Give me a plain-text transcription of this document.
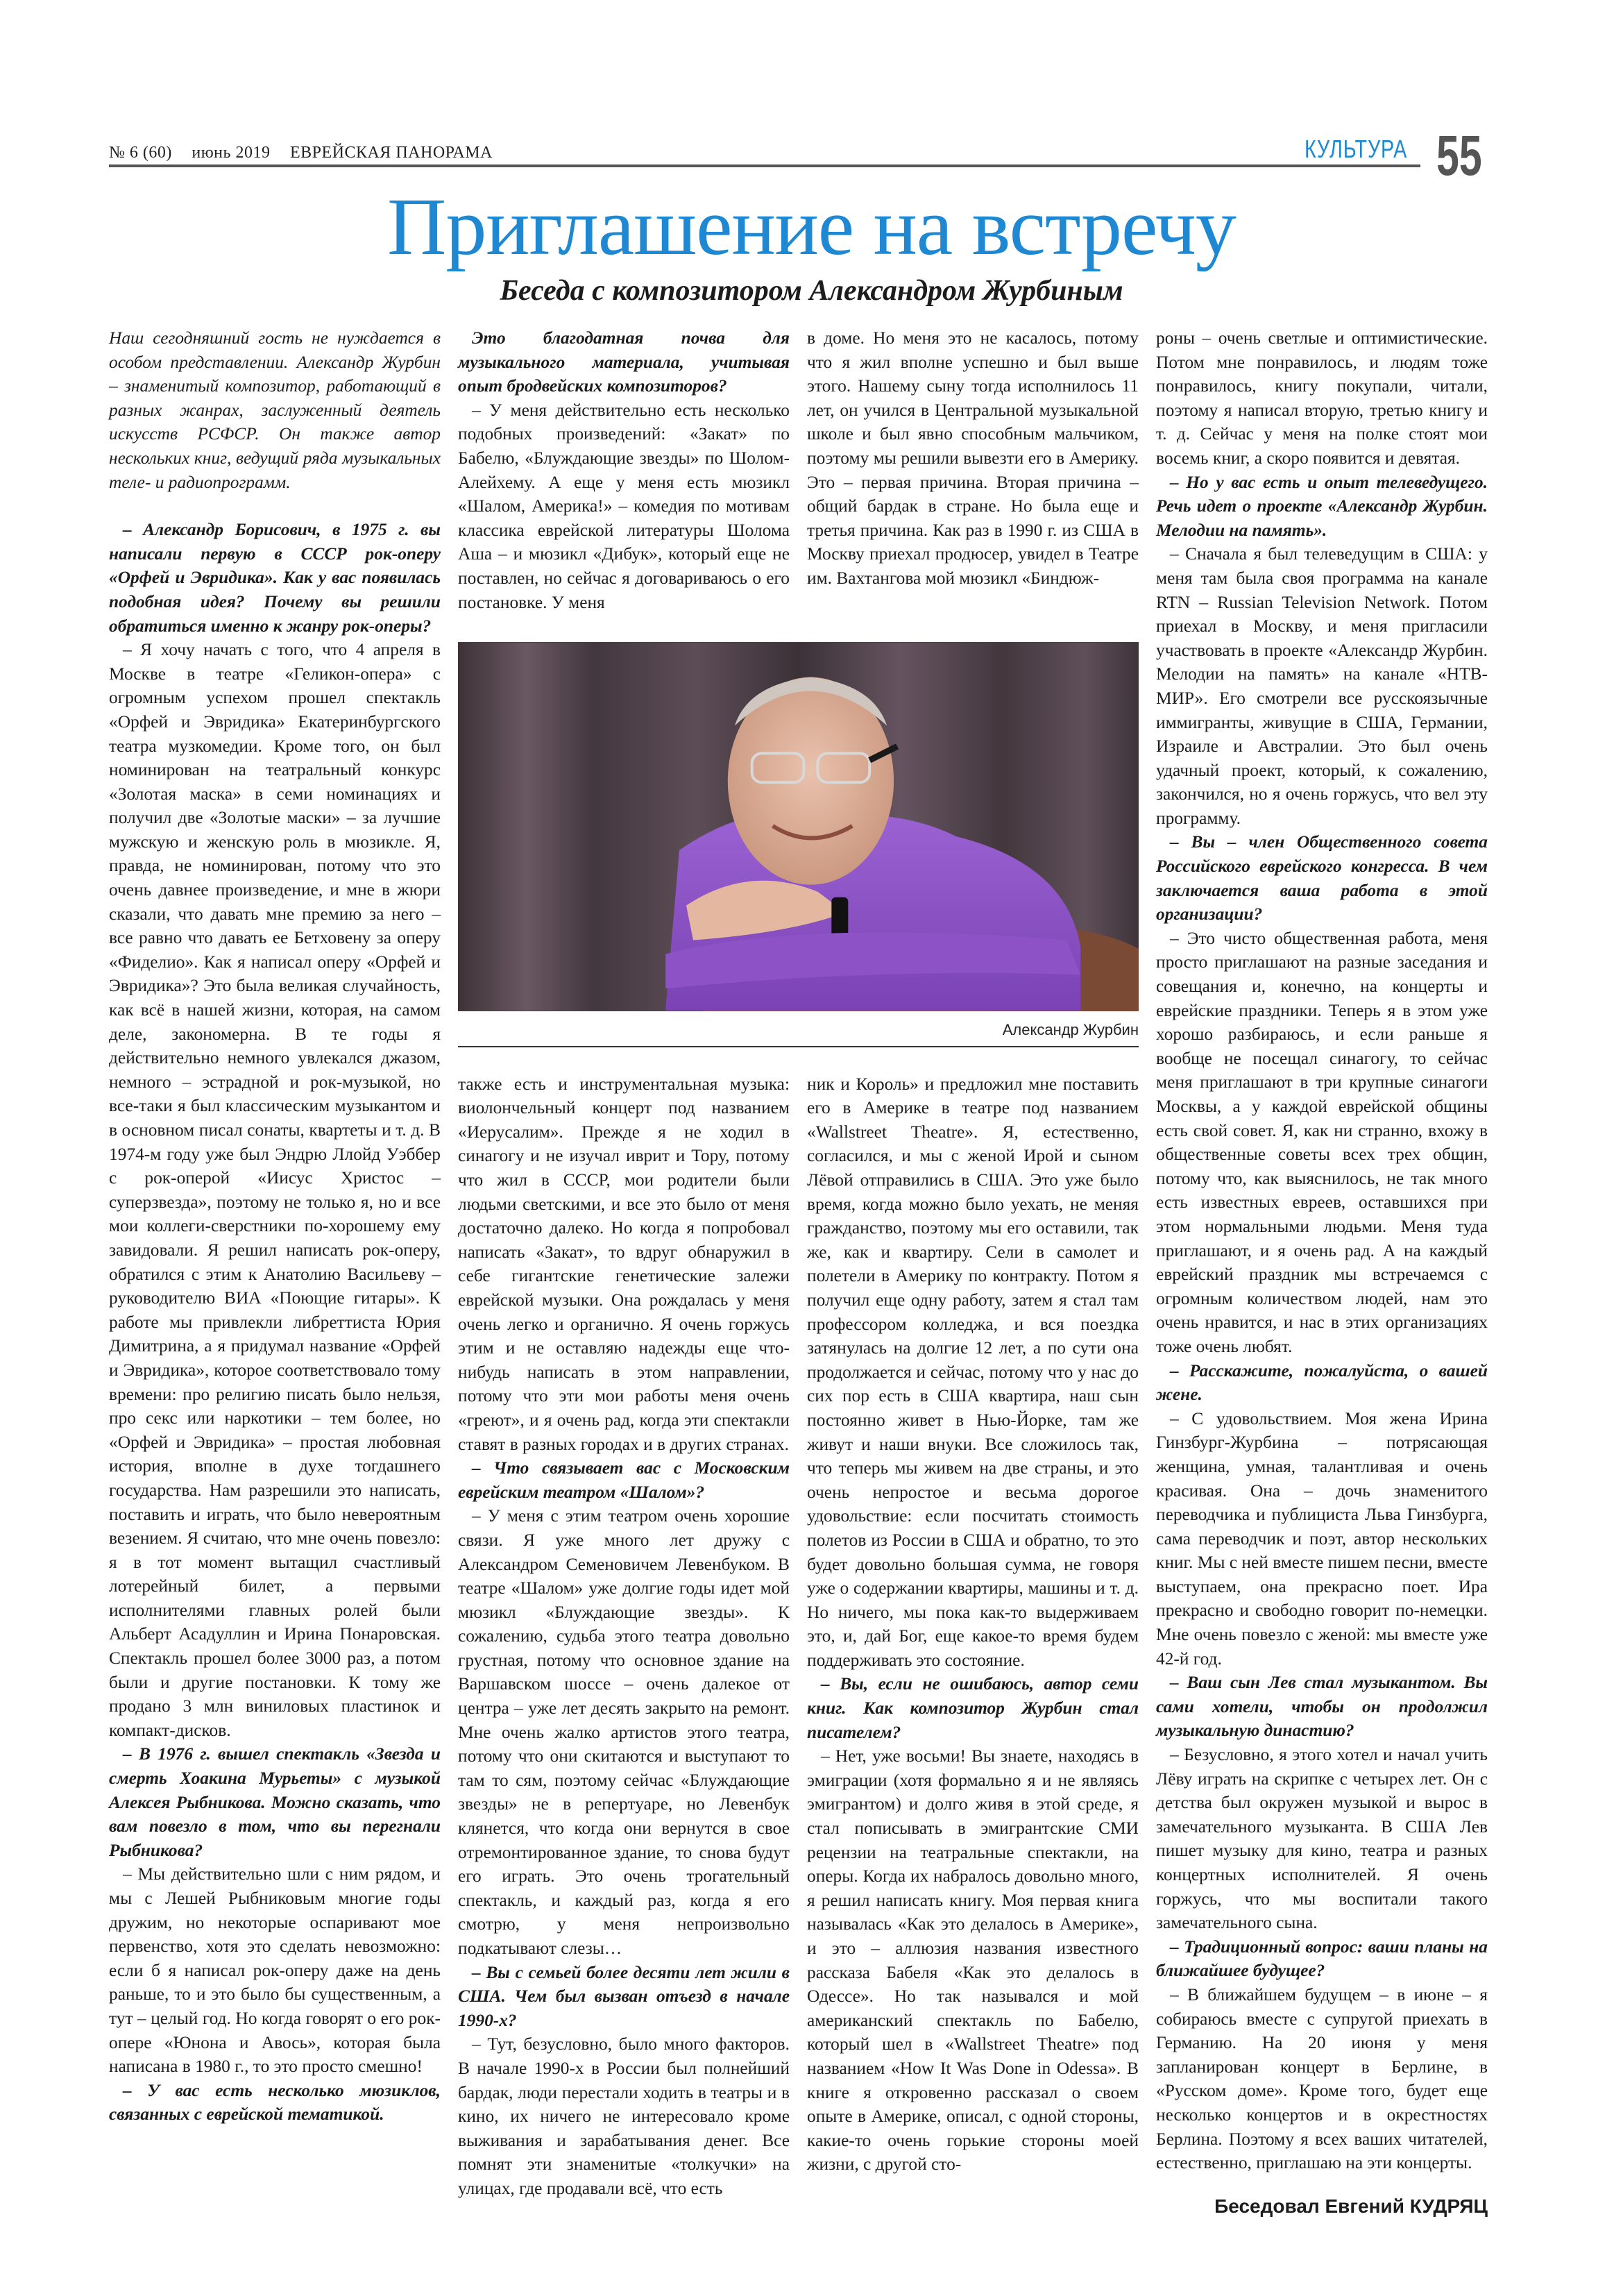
№ 6 (60) июнь 2019 ЕВРЕЙСКАЯ ПАНОРАМА	КУЛЬТУРА 55
Приглашение на встречу
Беседа с композитором Александром Журбиным

Наш сегодняшний гость не нуждается в особом представлении. Александр Журбин – знаменитый композитор, работающий в разных жанрах, заслуженный деятель искусств РСФСР. Он также автор нескольких книг, ведущий ряда музыкальных теле- и радиопрограмм.

– Александр Борисович, в 1975 г. вы написали первую в СССР рок-оперу «Орфей и Эвридика». Как у вас появилась подобная идея? Почему вы решили обратиться именно к жанру рок-оперы?

– Я хочу начать с того, что 4 апреля в Москве в театре «Геликон-опера» с огромным успехом прошел спектакль «Орфей и Эвридика» Екатеринбургского театра музкомедии. Кроме того, он был номинирован на театральный конкурс «Золотая маска» в семи номинациях и получил две «Золотые маски» – за лучшие мужскую и женскую роль в мюзикле. Я, правда, не номинирован, потому что это очень давнее произведение, и мне в жюри сказали, что давать мне премию за него – все равно что давать ее Бетховену за оперу «Фиделио». Как я написал оперу «Орфей и Эвридика»? Это была великая случайность, как всё в нашей жизни, которая, на самом деле, закономерна. В те годы я действительно немного увлекался джазом, немного – эстрадной и рок-музыкой, но все-таки я был классическим музыкантом и в основном писал сонаты, квартеты и т. д. В 1974-м году уже был Эндрю Ллойд Уэббер с рок-оперой «Иисус Христос – суперзвезда», поэтому не только я, но и все мои коллеги-сверстники по-хорошему ему завидовали. Я решил написать рок-оперу, обратился с этим к Анатолию Васильеву – руководителю ВИА «Поющие гитары». К работе мы привлекли либреттиста Юрия Димитрина, а я придумал название «Орфей и Эвридика», которое соответствовало тому времени: про религию писать было нельзя, про секс или наркотики – тем более, но «Орфей и Эвридика» – простая любовная история, вполне в духе тогдашнего государства. Нам разрешили это написать, поставить и играть, что было невероятным везением. Я считаю, что мне очень повезло: я в тот момент вытащил счастливый лотерейный билет, а первыми исполнителями главных ролей были Альберт Асадуллин и Ирина Понаровская. Спектакль прошел более 3000 раз, а потом были и другие постановки. К тому же продано 3 млн виниловых пластинок и компакт-дисков.

– В 1976 г. вышел спектакль «Звезда и смерть Хоакина Мурьеты» с музыкой Алексея Рыбникова. Можно сказать, что вам повезло в том, что вы перегнали Рыбникова?

– Мы действительно шли с ним рядом, и мы с Лешей Рыбниковым многие годы дружим, но некоторые оспаривают мое первенство, хотя это сделать невозможно: если б я написал рок-оперу даже на день раньше, то и это было бы существенным, а тут – целый год. Но когда говорят о его рок-опере «Юнона и Авось», которая была написана в 1980 г., то это просто смешно!

– У вас есть несколько мюзиклов, связанных с еврейской тематикой.

Это благодатная почва для музыкального материала, учитывая опыт бродвейских композиторов?

– У меня действительно есть несколько подобных произведений: «Закат» по Бабелю, «Блуждающие звезды» по Шолом-Алейхему. А еще у меня есть мюзикл «Шалом, Америка!» – комедия по мотивам классика еврейской литературы Шолома Аша – и мюзикл «Дибук», который еще не поставлен, но сейчас я договариваюсь о его постановке. У меня

в доме. Но меня это не касалось, потому что я жил вполне успешно и был выше этого. Нашему сыну тогда исполнилось 11 лет, он учился в Центральной музыкальной школе и был явно способным мальчиком, поэтому мы решили вывезти его в Америку. Это – первая причина. Вторая причина – общий бардак в стране. Но была еще и третья причина. Как раз в 1990 г. из США в Москву приехал продюсер, увидел в Театре им. Вахтангова мой мюзикл «Биндюж-

Александр Журбин

также есть и инструментальная музыка: виолончельный концерт под названием «Иерусалим». Прежде я не ходил в синагогу и не изучал иврит и Тору, потому что жил в СССР, мои родители были людьми светскими, и все это было от меня достаточно далеко. Но когда я попробовал написать «Закат», то вдруг обнаружил в себе гигантские генетические залежи еврейской музыки. Она рождалась у меня очень легко и органично. Я очень горжусь этим и не оставляю надежды еще что-нибудь написать в этом направлении, потому что эти мои работы меня очень «греют», и я очень рад, когда эти спектакли ставят в разных городах и в других странах.

– Что связывает вас с Московским еврейским театром «Шалом»?

– У меня с этим театром очень хорошие связи. Я уже много лет дружу с Александром Семеновичем Левенбуком. В театре «Шалом» уже долгие годы идет мой мюзикл «Блуждающие звезды». К сожалению, судьба этого театра довольно грустная, потому что основное здание на Варшавском шоссе – очень далекое от центра – уже лет десять закрыто на ремонт. Мне очень жалко артистов этого театра, потому что они скитаются и выступают то там то сям, поэтому сейчас «Блуждающие звезды» не в репертуаре, но Левенбук клянется, что когда они вернутся в свое отремонтированное здание, то снова будут его играть. Это очень трогательный спектакль, и каждый раз, когда я его смотрю, у меня непроизвольно подкатывают слезы…

– Вы с семьей более десяти лет жили в США. Чем был вызван отъезд в начале 1990-х?

– Тут, безусловно, было много факторов. В начале 1990-х в России был полнейший бардак, люди перестали ходить в театры и в кино, их ничего не интересовало кроме выживания и зарабатывания денег. Все помнят эти знаменитые «толкучки» на улицах, где продавали всё, что есть

ник и Король» и предложил мне поставить его в Америке в театре под названием «Wallstreet Theatre». Я, естественно, согласился, и мы с женой Ирой и сыном Лёвой отправились в США. Это уже было время, когда можно было уехать, не меняя гражданство, поэтому мы его оставили, так же, как и квартиру. Сели в самолет и полетели в Америку по контракту. Потом я получил еще одну работу, затем я стал там профессором колледжа, и вся поездка затянулась на долгие 12 лет, а по сути она продолжается и сейчас, потому что у нас до сих пор есть в США квартира, наш сын постоянно живет в Нью-Йорке, там же живут и наши внуки. Все сложилось так, что теперь мы живем на две страны, и это очень непростое и весьма дорогое удовольствие: если посчитать стоимость полетов из России в США и обратно, то это будет довольно большая сумма, не говоря уже о содержании квартиры, машины и т. д. Но ничего, мы пока как-то выдерживаем это, и, дай Бог, еще какое-то время будем поддерживать это состояние.

– Вы, если не ошибаюсь, автор семи книг. Как композитор Журбин стал писателем?

– Нет, уже восьми! Вы знаете, находясь в эмиграции (хотя формально я и не являясь эмигрантом) и долго живя в этой среде, я стал пописывать в эмигрантские СМИ рецензии на театральные спектакли, на оперы. Когда их набралось довольно много, я решил написать книгу. Моя первая книга называлась «Как это делалось в Америке», и это – аллюзия названия известного рассказа Бабеля «Как это делалось в Одессе». Но так назывался и мой американский спектакль по Бабелю, который шел в «Wallstreet Theatre» под названием «How It Was Done in Odessa». В книге я откровенно рассказал о своем опыте в Америке, описал, с одной стороны, какие-то очень горькие стороны моей жизни, с другой сто-

роны – очень светлые и оптимистические. Потом мне понравилось, и людям тоже понравилось, книгу покупали, читали, поэтому я написал вторую, третью книгу и т. д. Сейчас у меня на полке стоят мои восемь книг, а скоро появится и девятая.

– Но у вас есть и опыт телеведущего. Речь идет о проекте «Александр Журбин. Мелодии на память».

– Сначала я был телеведущим в США: у меня там была своя программа на канале RTN – Russian Television Network. Потом приехал в Москву, и меня пригласили участвовать в проекте «Александр Журбин. Мелодии на память» на канале «НТВ-МИР». Его смотрели все русскоязычные иммигранты, живущие в США, Германии, Израиле и Австралии. Это был очень удачный проект, который, к сожалению, закончился, но я очень горжусь, что вел эту программу.

– Вы – член Общественного совета Российского еврейского конгресса. В чем заключается ваша работа в этой организации?

– Это чисто общественная работа, меня просто приглашают на разные заседания и совещания и, конечно, на концерты и еврейские праздники. Теперь я в этом уже хорошо разбираюсь, и если раньше я вообще не посещал синагогу, то сейчас меня приглашают в три крупные синагоги Москвы, а у каждой еврейской общины есть свой совет. Я, как ни странно, вхожу в общественные советы всех трех общин, потому что, как выяснилось, не так много есть известных евреев, оставшихся при этом нормальными людьми. Меня туда приглашают, и я очень рад. А на каждый еврейский праздник мы встречаемся с огромным количеством людей, нам это очень нравится, и нас в этих организациях тоже очень любят.

– Расскажите, пожалуйста, о вашей жене.

– С удовольствием. Моя жена Ирина Гинзбург-Журбина – потрясающая женщина, умная, талантливая и очень красивая. Она – дочь знаменитого переводчика и публициста Льва Гинзбурга, сама переводчик и поэт, автор нескольких книг. Мы с ней вместе пишем песни, вместе выступаем, она прекрасно поет. Ира прекрасно и свободно говорит по-немецки. Мне очень повезло с женой: мы вместе уже 42-й год.

– Ваш сын Лев стал музыкантом. Вы сами хотели, чтобы он продолжил музыкальную династию?

– Безусловно, я этого хотел и начал учить Лёву играть на скрипке с четырех лет. Он с детства был окружен музыкой и вырос в замечательного музыканта. В США Лев пишет музыку для кино, театра и разных концертных исполнителей. Я очень горжусь, что мы воспитали такого замечательного сына.

– Традиционный вопрос: ваши планы на ближайшее будущее?

– В ближайшем будущем – в июне – я собираюсь вместе с супругой приехать в Германию. На 20 июня у меня запланирован концерт в Берлине, в «Русском доме». Кроме того, будет еще несколько концертов и в окрестностях Берлина. Поэтому я всех ваших читателей, естественно, приглашаю на эти концерты.

Беседовал Евгений КУДРЯЦ
